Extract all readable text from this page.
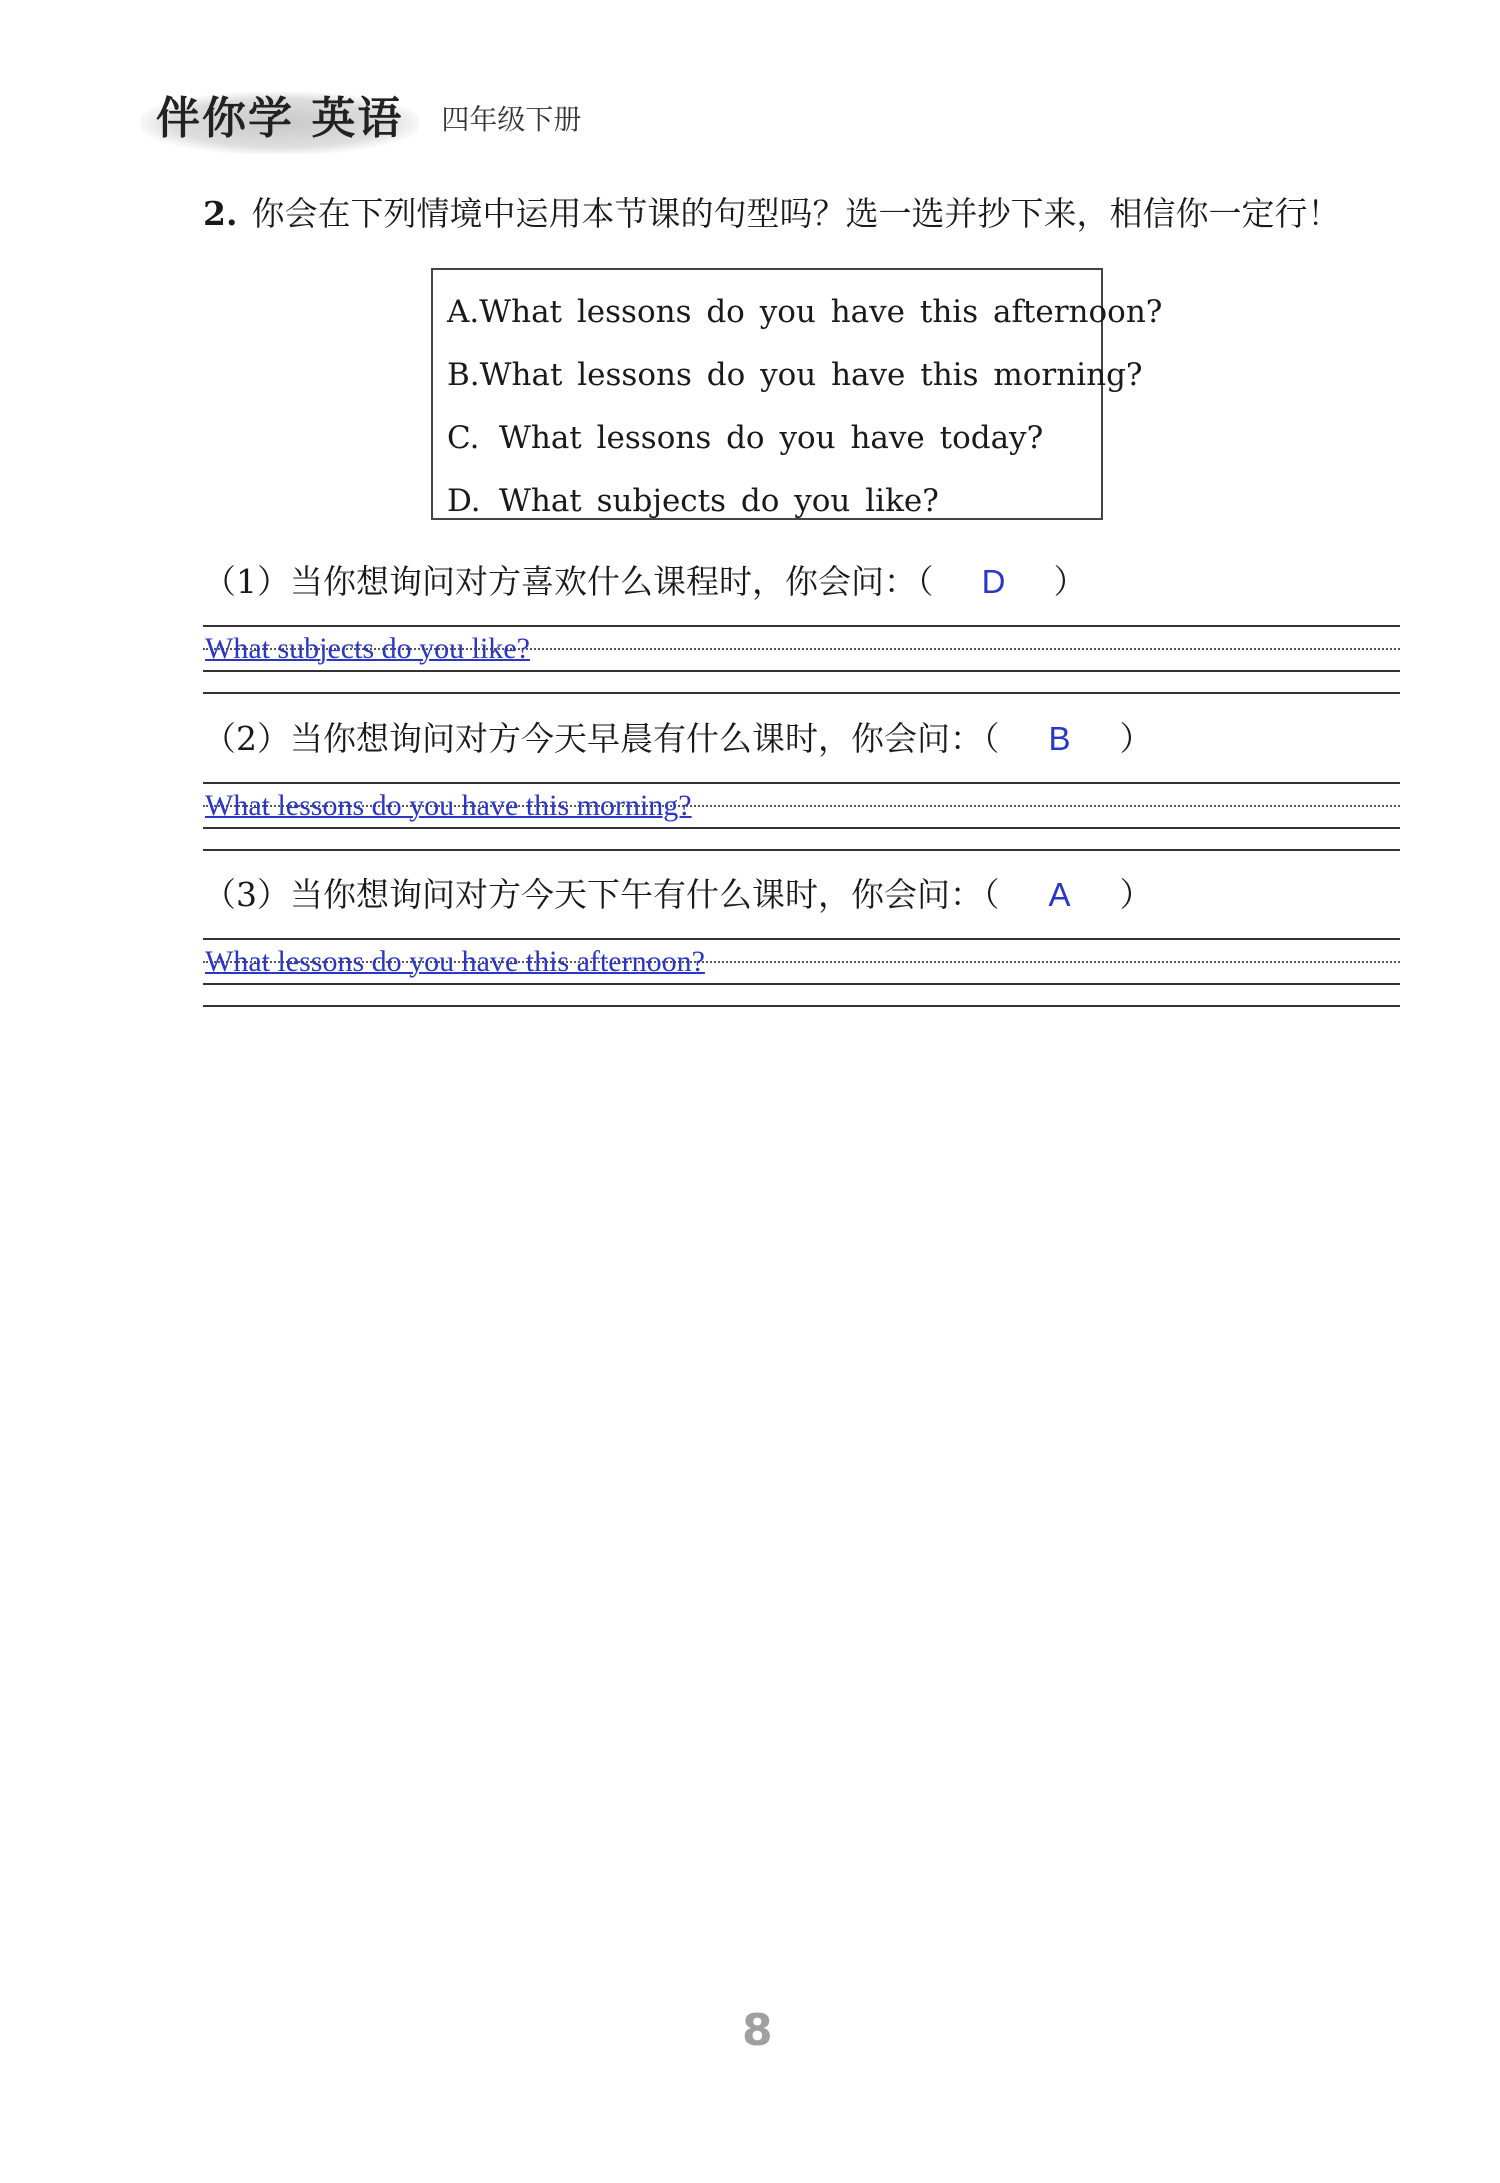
伴你学 英语	四年级下册
2. 你会在下列情境中运用本节课的句型吗？选一选并抄下来，相信你一定行！
A. What lessons do you have this afternoon?
B. What lessons do you have this morning?
C. What lessons do you have today?
D. What subjects do you like?
（1）当你想询问对方喜欢什么课程时，你会问：（ D ）
What subjects do you like?
（2）当你想询问对方今天早晨有什么课时，你会问：（ B ）
What lessons do you have this morning?
（3）当你想询问对方今天下午有什么课时，你会问：（ A ）
What lessons do you have this afternoon?
8
